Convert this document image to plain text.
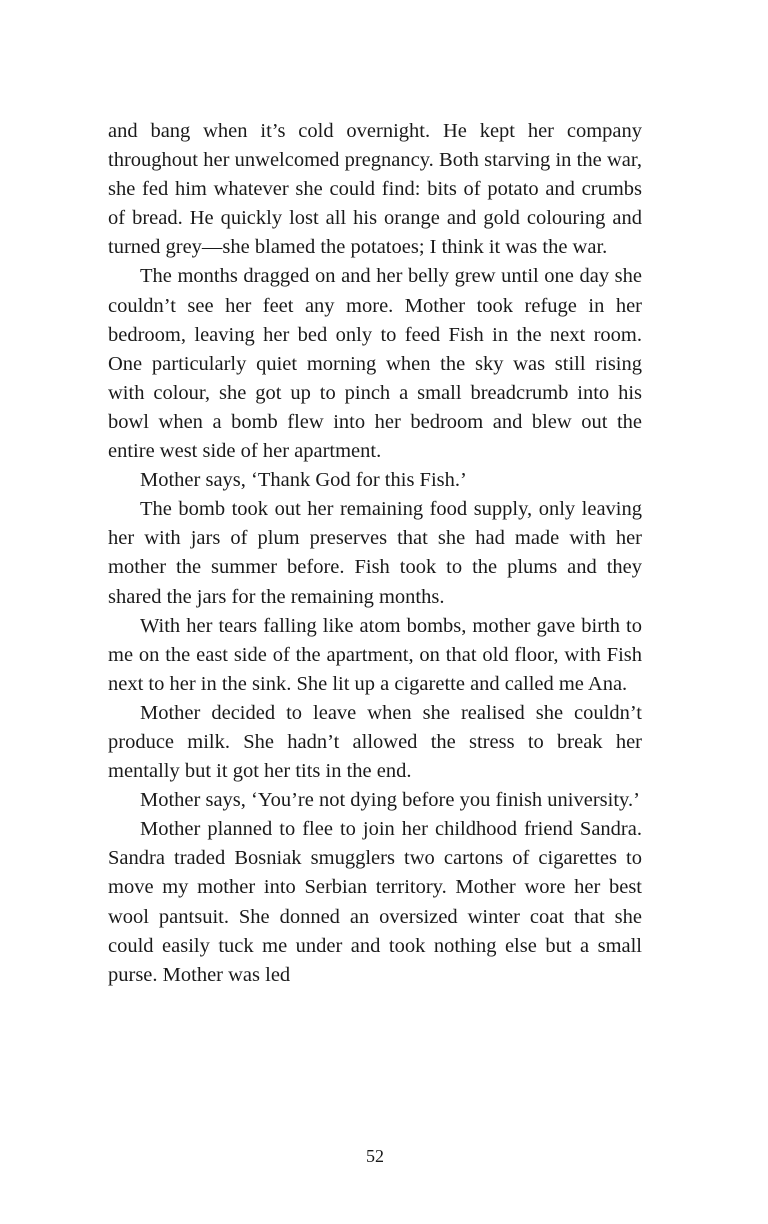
and bang when it’s cold overnight. He kept her company throughout her unwelcomed pregnancy. Both starving in the war, she fed him whatever she could find: bits of potato and crumbs of bread. He quickly lost all his orange and gold colouring and turned grey—she blamed the potatoes; I think it was the war.

The months dragged on and her belly grew until one day she couldn’t see her feet any more. Mother took refuge in her bedroom, leaving her bed only to feed Fish in the next room. One particularly quiet morning when the sky was still rising with colour, she got up to pinch a small breadcrumb into his bowl when a bomb flew into her bedroom and blew out the entire west side of her apartment.

Mother says, ‘Thank God for this Fish.’

The bomb took out her remaining food supply, only leaving her with jars of plum preserves that she had made with her mother the summer before. Fish took to the plums and they shared the jars for the remaining months.

With her tears falling like atom bombs, mother gave birth to me on the east side of the apartment, on that old floor, with Fish next to her in the sink. She lit up a cigarette and called me Ana.

Mother decided to leave when she realised she couldn’t produce milk. She hadn’t allowed the stress to break her mentally but it got her tits in the end.

Mother says, ‘You’re not dying before you finish university.’

Mother planned to flee to join her childhood friend Sandra. Sandra traded Bosniak smugglers two cartons of cigarettes to move my mother into Serbian territory. Mother wore her best wool pantsuit. She donned an oversized winter coat that she could easily tuck me under and took nothing else but a small purse. Mother was led

52
